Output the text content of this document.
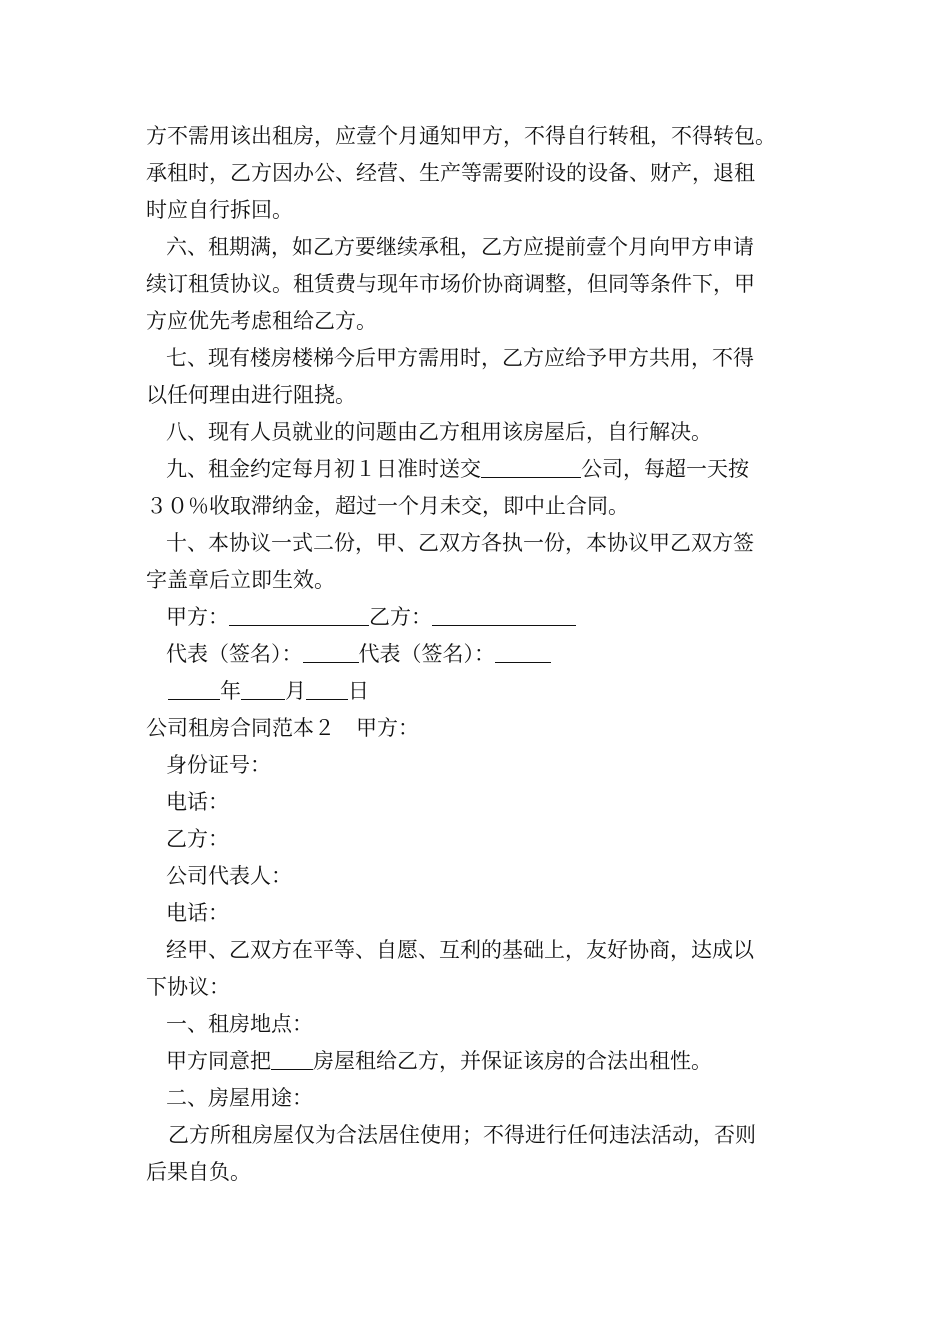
方不需用该出租房，应壹个月通知甲方，不得自行转租，不得转包。
承租时，乙方因办公、经营、生产等需要附设的设备、财产，退租
时应自行拆回。
六、租期满，如乙方要继续承租，乙方应提前壹个月向甲方申请
续订租赁协议。租赁费与现年市场价协商调整，但同等条件下，甲
方应优先考虑租给乙方。
七、现有楼房楼梯今后甲方需用时，乙方应给予甲方共用，不得
以任何理由进行阻挠。
八、现有人员就业的问题由乙方租用该房屋后，自行解决。
九、租金约定每月初１日准时送交	公司，每超一天按
３０％收取滞纳金，超过一个月未交，即中止合同。
十、本协议一式二份，甲、乙双方各执一份，本协议甲乙双方签
字盖章后立即生效。
甲方：	乙方：
代表（签名）：	代表（签名）：
年 月 日
公司租房合同范本２　甲方：
身份证号：
电话：
乙方：
公司代表人：
电话：
经甲、乙双方在平等、自愿、互利的基础上，友好协商，达成以
下协议：
一、租房地点：
甲方同意把 房屋租给乙方，并保证该房的合法出租性。
二、房屋用途：
乙方所租房屋仅为合法居住使用；不得进行任何违法活动，否则
后果自负。
